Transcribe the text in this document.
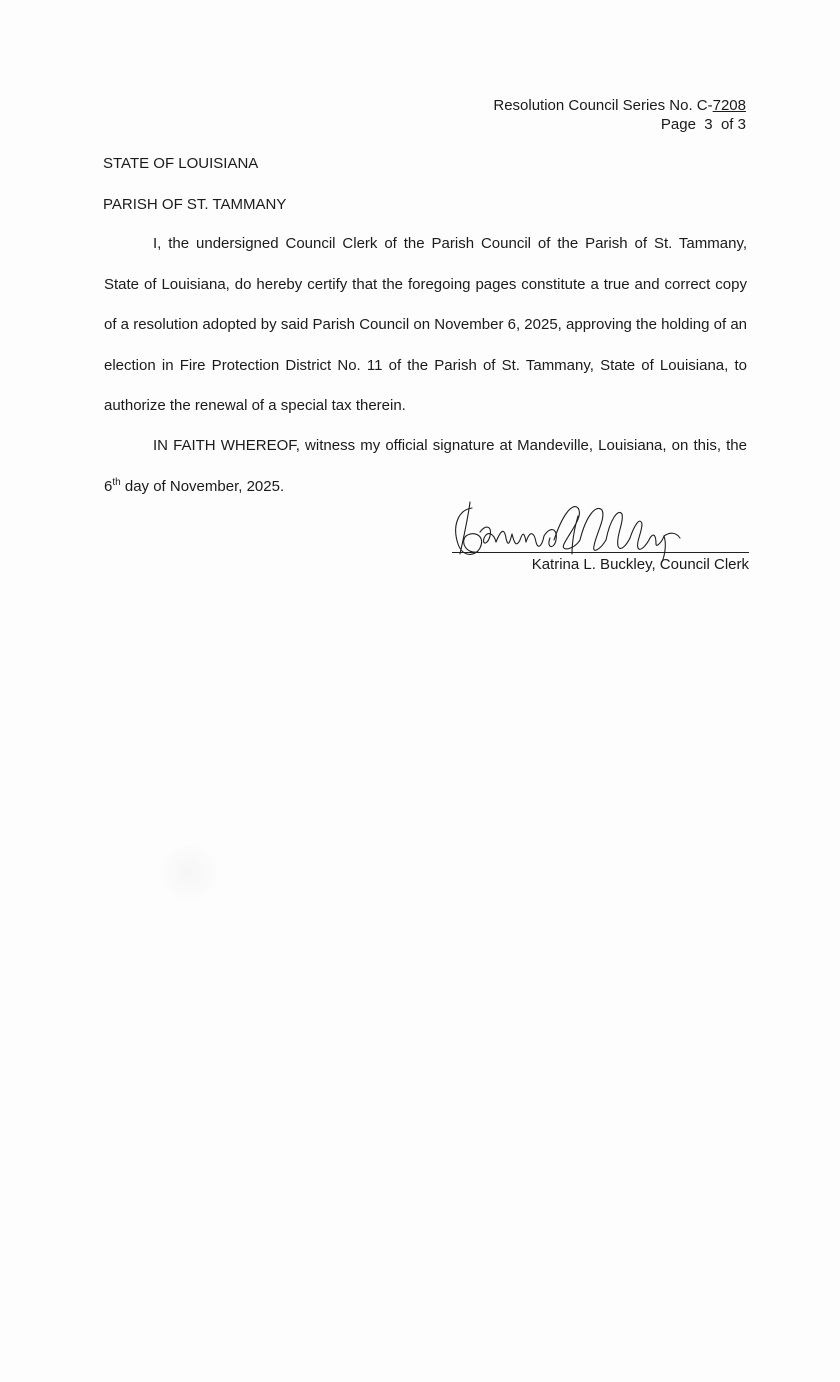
Resolution Council Series No. C-7208
Page  3  of 3
STATE OF LOUISIANA
PARISH OF ST. TAMMANY

I, the undersigned Council Clerk of the Parish Council of the Parish of St. Tammany, State of Louisiana, do hereby certify that the foregoing pages constitute a true and correct copy of a resolution adopted by said Parish Council on November 6, 2025, approving the holding of an election in Fire Protection District No. 11 of the Parish of St. Tammany, State of Louisiana, to authorize the renewal of a special tax therein.

IN FAITH WHEREOF, witness my official signature at Mandeville, Louisiana, on this, the 6th day of November, 2025.

Katrina L. Buckley, Council Clerk
